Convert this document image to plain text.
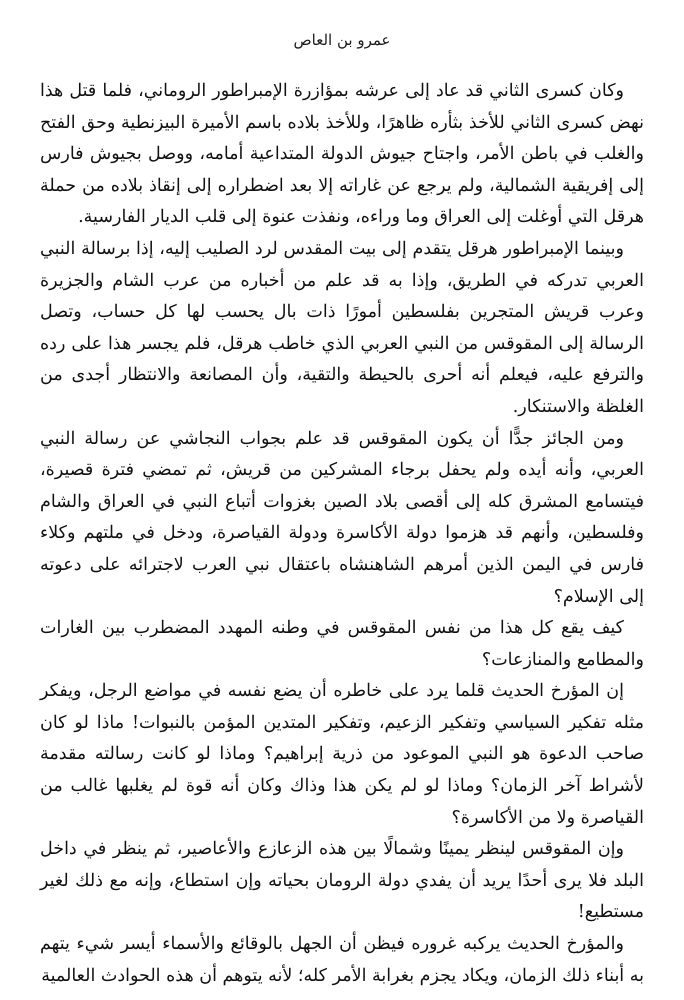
عمرو بن العاص

وكان كسرى الثاني قد عاد إلى عرشه بمؤازرة الإمبراطور الروماني، فلما قتل هذا نهض كسرى الثاني للأخذ بثأره ظاهرًا، وللأخذ بلاده باسم الأميرة البيزنطية وحق الفتح والغلب في باطن الأمر، واجتاح جيوش الدولة المتداعية أمامه، ووصل بجيوش فارس إلى إفريقية الشمالية، ولم يرجع عن غاراته إلا بعد اضطراره إلى إنقاذ بلاده من حملة هرقل التي أوغلت إلى العراق وما وراءه، ونفذت عنوة إلى قلب الديار الفارسية.

وبينما الإمبراطور هرقل يتقدم إلى بيت المقدس لرد الصليب إليه، إذا برسالة النبي العربي تدركه في الطريق، وإذا به قد علم من أخباره من عرب الشام والجزيرة وعرب قريش المتجرين بفلسطين أمورًا ذات بال يحسب لها كل حساب، وتصل الرسالة إلى المقوقس من النبي العربي الذي خاطب هرقل، فلم يجسر هذا على رده والترفع عليه، فيعلم أنه أحرى بالحيطة والتقية، وأن المصانعة والانتظار أجدى من الغلظة والاستنكار.

ومن الجائز جدًّا أن يكون المقوقس قد علم بجواب النجاشي عن رسالة النبي العربي، وأنه أيده ولم يحفل برجاء المشركين من قريش، ثم تمضي فترة قصيرة، فيتسامع المشرق كله إلى أقصى بلاد الصين بغزوات أتباع النبي في العراق والشام وفلسطين، وأنهم قد هزموا دولة الأكاسرة ودولة القياصرة، ودخل في ملتهم وكلاء فارس في اليمن الذين أمرهم الشاهنشاه باعتقال نبي العرب لاجترائه على دعوته إلى الإسلام؟

كيف يقع كل هذا من نفس المقوقس في وطنه المهدد المضطرب بين الغارات والمطامع والمنازعات؟

إن المؤرخ الحديث قلما يرد على خاطره أن يضع نفسه في مواضع الرجل، ويفكر مثله تفكير السياسي وتفكير الزعيم، وتفكير المتدين المؤمن بالنبوات! ماذا لو كان صاحب الدعوة هو النبي الموعود من ذرية إبراهيم؟ وماذا لو كانت رسالته مقدمة لأشراط آخر الزمان؟ وماذا لو لم يكن هذا وذاك وكان أنه قوة لم يغلبها غالب من القياصرة ولا من الأكاسرة؟

وإن المقوقس لينظر يمينًا وشمالًا بين هذه الزعازع والأعاصير، ثم ينظر في داخل البلد فلا يرى أحدًا يريد أن يفدي دولة الرومان بحياته وإن استطاع، وإنه مع ذلك لغير مستطيع!

والمؤرخ الحديث يركبه غروره فيظن أن الجهل بالوقائع والأسماء أيسر شيء يتهم به أبناء ذلك الزمان، ويكاد يجزم بغرابة الأمر كله؛ لأنه يتوهم أن هذه الحوادث العالمية
